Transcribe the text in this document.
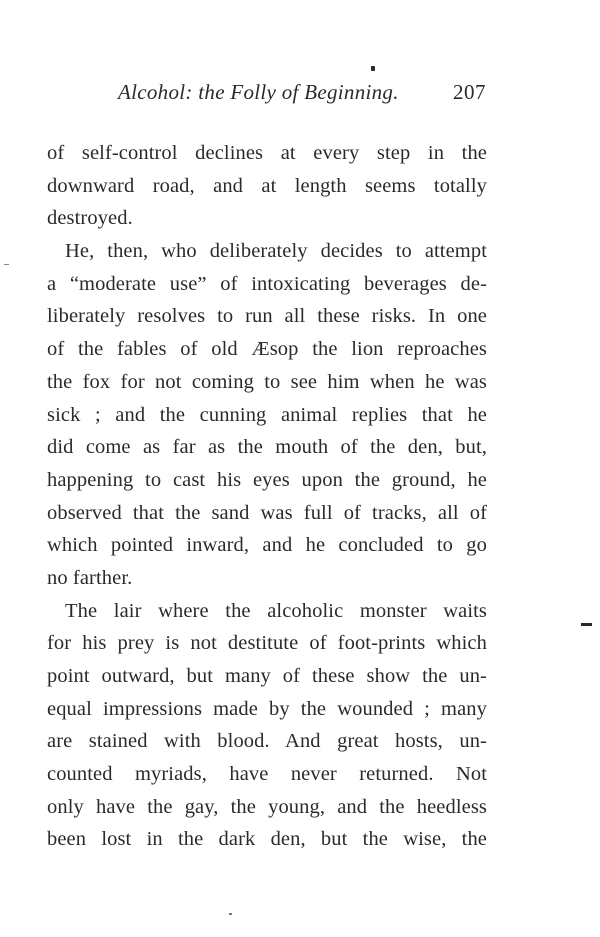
Alcohol: the Folly of Beginning.	207
of self-control declines at every step in the
downward road, and at length seems totally
destroyed.
He, then, who deliberately decides to attempt
a “moderate use” of intoxicating beverages de-
liberately resolves to run all these risks. In one
of the fables of old Æsop the lion reproaches
the fox for not coming to see him when he was
sick ; and the cunning animal replies that he
did come as far as the mouth of the den, but,
happening to cast his eyes upon the ground, he
observed that the sand was full of tracks, all of
which pointed inward, and he concluded to go
no farther.
The lair where the alcoholic monster waits
for his prey is not destitute of foot-prints which
point outward, but many of these show the un-
equal impressions made by the wounded ; many
are stained with blood. And great hosts, un-
counted myriads, have never returned. Not
only have the gay, the young, and the heedless
been lost in the dark den, but the wise, the
